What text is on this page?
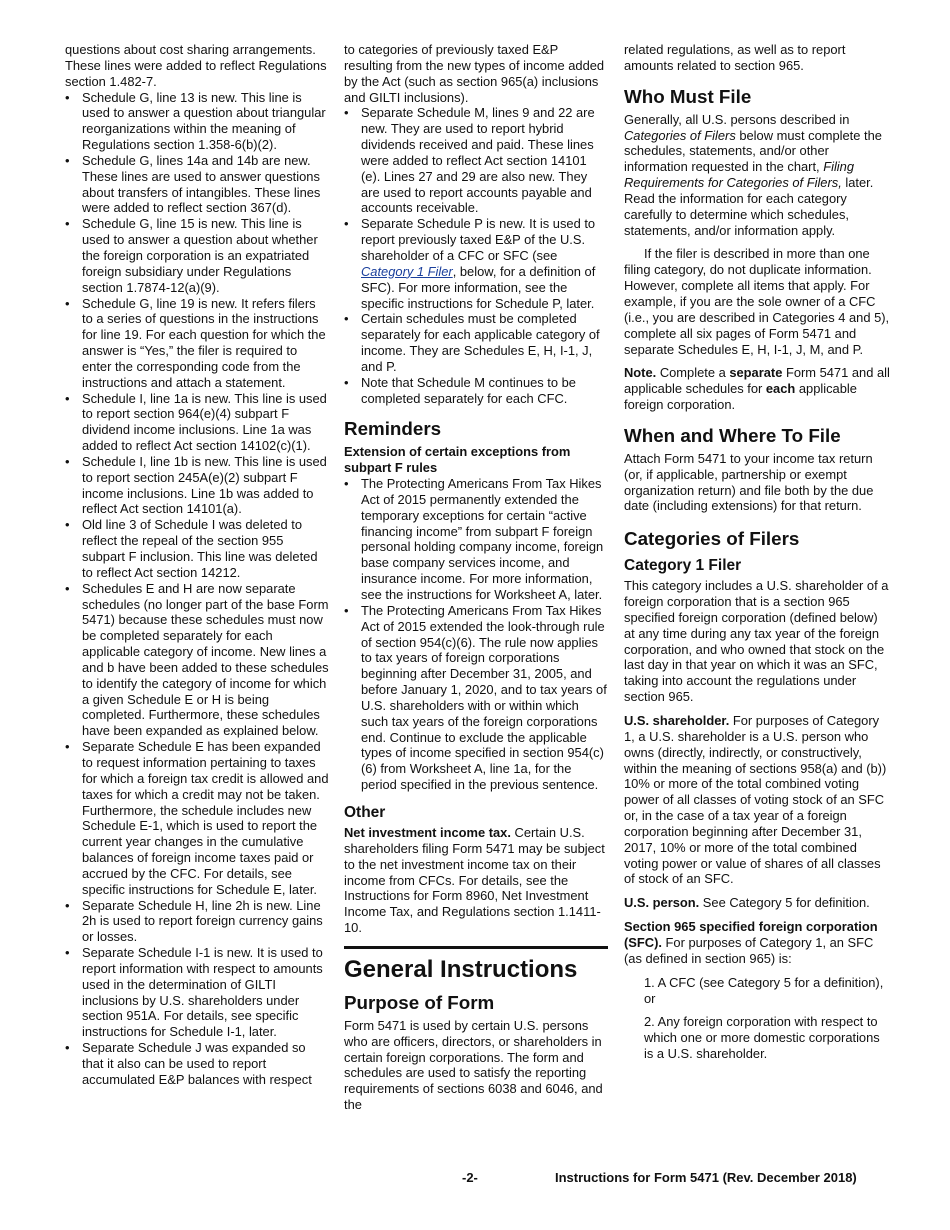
questions about cost sharing arrangements. These lines were added to reflect Regulations section 1.482-7.

• Schedule G, line 13 is new. This line is used to answer a question about triangular reorganizations within the meaning of Regulations section 1.358-6(b)(2).

• Schedule G, lines 14a and 14b are new. These lines are used to answer questions about transfers of intangibles. These lines were added to reflect section 367(d).

• Schedule G, line 15 is new. This line is used to answer a question about whether the foreign corporation is an expatriated foreign subsidiary under Regulations section 1.7874-12(a)(9).

• Schedule G, line 19 is new. It refers filers to a series of questions in the instructions for line 19. For each question for which the answer is “Yes,” the filer is required to enter the corresponding code from the instructions and attach a statement.

• Schedule I, line 1a is new. This line is used to report section 964(e)(4) subpart F dividend income inclusions. Line 1a was added to reflect Act section 14102(c)(1).

• Schedule I, line 1b is new. This line is used to report section 245A(e)(2) subpart F income inclusions. Line 1b was added to reflect Act section 14101(a).

• Old line 3 of Schedule I was deleted to reflect the repeal of the section 955 subpart F inclusion. This line was deleted to reflect Act section 14212.

• Schedules E and H are now separate schedules (no longer part of the base Form 5471) because these schedules must now be completed separately for each applicable category of income. New lines a and b have been added to these schedules to identify the category of income for which a given Schedule E or H is being completed. Furthermore, these schedules have been expanded as explained below.

• Separate Schedule E has been expanded to request information pertaining to taxes for which a foreign tax credit is allowed and taxes for which a credit may not be taken. Furthermore, the schedule includes new Schedule E-1, which is used to report the current year changes in the cumulative balances of foreign income taxes paid or accrued by the CFC. For details, see specific instructions for Schedule E, later.

• Separate Schedule H, line 2h is new. Line 2h is used to report foreign currency gains or losses.

• Separate Schedule I-1 is new. It is used to report information with respect to amounts used in the determination of GILTI inclusions by U.S. shareholders under section 951A. For details, see specific instructions for Schedule I-1, later.

• Separate Schedule J was expanded so that it also can be used to report accumulated E&P balances with respect

to categories of previously taxed E&P resulting from the new types of income added by the Act (such as section 965(a) inclusions and GILTI inclusions).

• Separate Schedule M, lines 9 and 22 are new. They are used to report hybrid dividends received and paid. These lines were added to reflect Act section 14101 (e). Lines 27 and 29 are also new. They are used to report accounts payable and accounts receivable.

• Separate Schedule P is new. It is used to report previously taxed E&P of the U.S. shareholder of a CFC or SFC (see Category 1 Filer, below, for a definition of SFC). For more information, see the specific instructions for Schedule P, later.

• Certain schedules must be completed separately for each applicable category of income. They are Schedules E, H, I-1, J, and P.

• Note that Schedule M continues to be completed separately for each CFC.

Reminders

Extension of certain exceptions from subpart F rules

• The Protecting Americans From Tax Hikes Act of 2015 permanently extended the temporary exceptions for certain “active financing income” from subpart F foreign personal holding company income, foreign base company services income, and insurance income. For more information, see the instructions for Worksheet A, later.

• The Protecting Americans From Tax Hikes Act of 2015 extended the look-through rule of section 954(c)(6). The rule now applies to tax years of foreign corporations beginning after December 31, 2005, and before January 1, 2020, and to tax years of U.S. shareholders with or within which such tax years of the foreign corporations end. Continue to exclude the applicable types of income specified in section 954(c)(6) from Worksheet A, line 1a, for the period specified in the previous sentence.

Other

Net investment income tax. Certain U.S. shareholders filing Form 5471 may be subject to the net investment income tax on their income from CFCs. For details, see the Instructions for Form 8960, Net Investment Income Tax, and Regulations section 1.1411-10.

General Instructions
Purpose of Form

Form 5471 is used by certain U.S. persons who are officers, directors, or shareholders in certain foreign corporations. The form and schedules are used to satisfy the reporting requirements of sections 6038 and 6046, and the

related regulations, as well as to report amounts related to section 965.

Who Must File

Generally, all U.S. persons described in Categories of Filers below must complete the schedules, statements, and/or other information requested in the chart, Filing Requirements for Categories of Filers, later. Read the information for each category carefully to determine which schedules, statements, and/or information apply.

If the filer is described in more than one filing category, do not duplicate information. However, complete all items that apply. For example, if you are the sole owner of a CFC (i.e., you are described in Categories 4 and 5), complete all six pages of Form 5471 and separate Schedules E, H, I-1, J, M, and P.

Note. Complete a separate Form 5471 and all applicable schedules for each applicable foreign corporation.

When and Where To File

Attach Form 5471 to your income tax return (or, if applicable, partnership or exempt organization return) and file both by the due date (including extensions) for that return.

Categories of Filers
Category 1 Filer

This category includes a U.S. shareholder of a foreign corporation that is a section 965 specified foreign corporation (defined below) at any time during any tax year of the foreign corporation, and who owned that stock on the last day in that year on which it was an SFC, taking into account the regulations under section 965.

U.S. shareholder. For purposes of Category 1, a U.S. shareholder is a U.S. person who owns (directly, indirectly, or constructively, within the meaning of sections 958(a) and (b)) 10% or more of the total combined voting power of all classes of voting stock of an SFC or, in the case of a tax year of a foreign corporation beginning after December 31, 2017, 10% or more of the total combined voting power or value of shares of all classes of stock of an SFC.

U.S. person. See Category 5 for definition.

Section 965 specified foreign corporation (SFC). For purposes of Category 1, an SFC (as defined in section 965) is:

1. A CFC (see Category 5 for a definition), or

2. Any foreign corporation with respect to which one or more domestic corporations is a U.S. shareholder.

-2-	Instructions for Form 5471 (Rev. December 2018)
